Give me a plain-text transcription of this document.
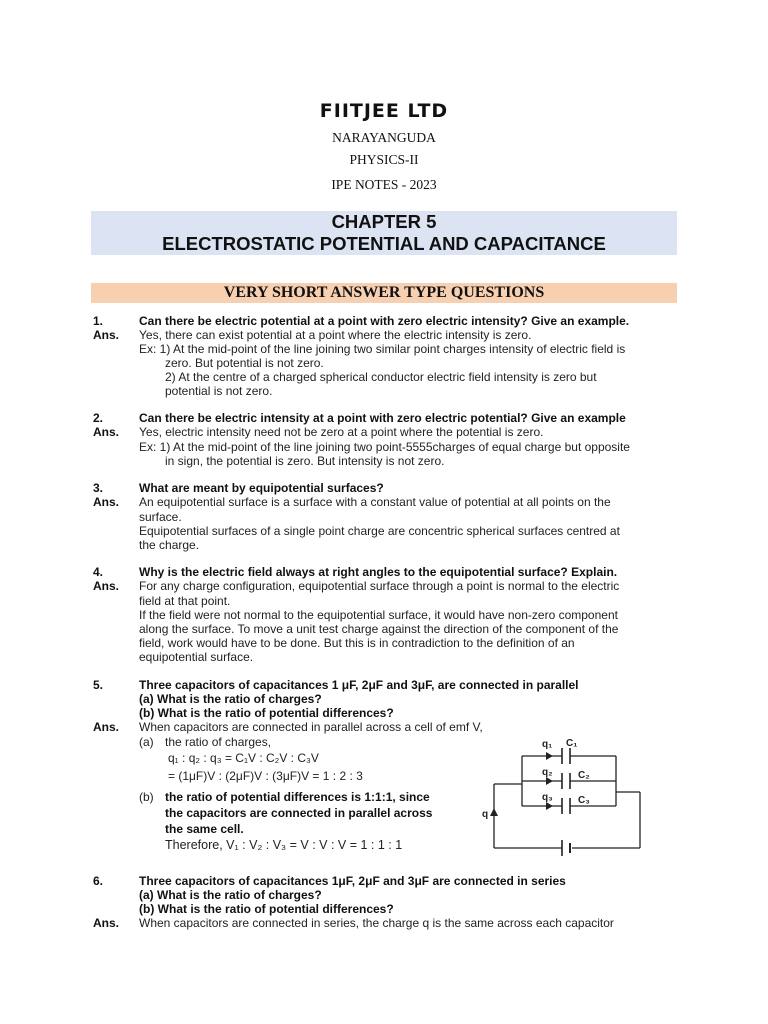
FIITJEE LTD
NARAYANGUDA
PHYSICS-II
IPE NOTES - 2023
CHAPTER 5
ELECTROSTATIC POTENTIAL AND CAPACITANCE
VERY SHORT ANSWER TYPE QUESTIONS
1.	Can there be electric potential at a point with zero electric intensity? Give an example.
Ans. Yes, there can exist potential at a point where the electric intensity is zero.
Ex: 1) At the mid-point of the line joining two similar point charges intensity of electric field is
zero. But potential is not zero.
2) At the centre of a charged spherical conductor electric field intensity is zero but
potential is not zero.
2.	Can there be electric intensity at a point with zero electric potential? Give an example
Ans. Yes, electric intensity need not be zero at a point where the potential is zero.
Ex: 1) At the mid-point of the line joining two point-5555charges of equal charge but opposite
in sign, the potential is zero. But intensity is not zero.
3.	What are meant by equipotential surfaces?
Ans. An equipotential surface is a surface with a constant value of potential at all points on the
surface.
Equipotential surfaces of a single point charge are concentric spherical surfaces centred at
the charge.
4.	Why is the electric field always at right angles to the equipotential surface? Explain.
Ans. For any charge configuration, equipotential surface through a point is normal to the electric
field at that point.
If the field were not normal to the equipotential surface, it would have non-zero component
along the surface. To move a unit test charge against the direction of the component of the
field, work would have to be done. But this is in contradiction to the definition of an
equipotential surface.
5.	Three capacitors of capacitances 1 μF, 2μF and 3μF, are connected in parallel
(a) What is the ratio of charges?
(b) What is the ratio of potential differences?
Ans. When capacitors are connected in parallel across a cell of emf V,
(a) the ratio of charges,
q₁ : q₂ : q₃ = C₁V : C₂V : C₃V
= (1μF)V : (2μF)V : (3μF)V = 1 : 2 : 3
(b) the ratio of potential differences is 1:1:1, since
the capacitors are connected in parallel across
the same cell.
Therefore, V₁ : V₂ : V₃ = V : V : V = 1 : 1 : 1
q₁ C₁
q₂	C₂
q₃	C₃
q
6.	Three capacitors of capacitances 1μF, 2μF and 3μF are connected in series
(a) What is the ratio of charges?
(b) What is the ratio of potential differences?
Ans. When capacitors are connected in series, the charge q is the same across each capacitor
